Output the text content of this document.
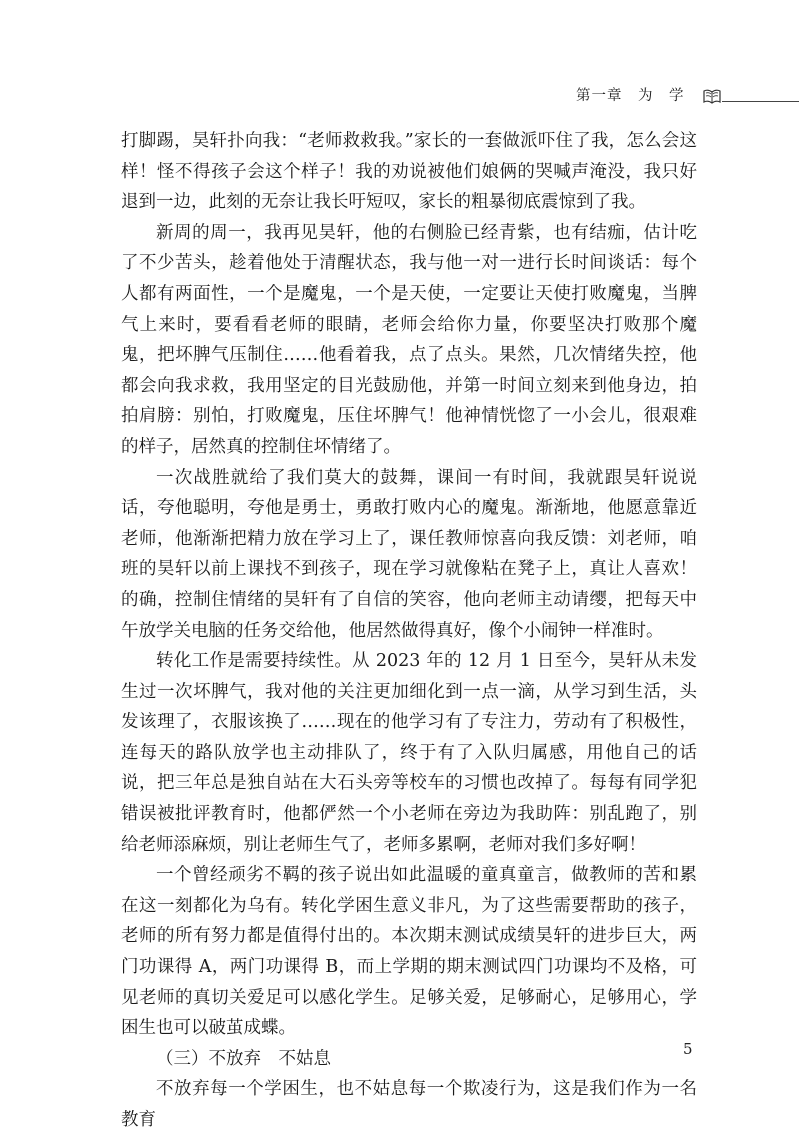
第一章　为　学

打脚踢，昊轩扑向我：“老师救救我。”家长的一套做派吓住了我，怎么会这样！怪不得孩子会这个样子！我的劝说被他们娘俩的哭喊声淹没，我只好退到一边，此刻的无奈让我长吁短叹，家长的粗暴彻底震惊到了我。

新周的周一，我再见昊轩，他的右侧脸已经青紫，也有结痂，估计吃了不少苦头，趁着他处于清醒状态，我与他一对一进行长时间谈话：每个人都有两面性，一个是魔鬼，一个是天使，一定要让天使打败魔鬼，当脾气上来时，要看看老师的眼睛，老师会给你力量，你要坚决打败那个魔鬼，把坏脾气压制住……他看着我，点了点头。果然，几次情绪失控，他都会向我求救，我用坚定的目光鼓励他，并第一时间立刻来到他身边，拍拍肩膀：别怕，打败魔鬼，压住坏脾气！他神情恍惚了一小会儿，很艰难的样子，居然真的控制住坏情绪了。

一次战胜就给了我们莫大的鼓舞，课间一有时间，我就跟昊轩说说话，夸他聪明，夸他是勇士，勇敢打败内心的魔鬼。渐渐地，他愿意靠近老师，他渐渐把精力放在学习上了，课任教师惊喜向我反馈：刘老师，咱班的昊轩以前上课找不到孩子，现在学习就像粘在凳子上，真让人喜欢！的确，控制住情绪的昊轩有了自信的笑容，他向老师主动请缨，把每天中午放学关电脑的任务交给他，他居然做得真好，像个小闹钟一样准时。

转化工作是需要持续性。从 2023 年的 12 月 1 日至今，昊轩从未发生过一次坏脾气，我对他的关注更加细化到一点一滴，从学习到生活，头发该理了，衣服该换了……现在的他学习有了专注力，劳动有了积极性，连每天的路队放学也主动排队了，终于有了入队归属感，用他自己的话说，把三年总是独自站在大石头旁等校车的习惯也改掉了。每每有同学犯错误被批评教育时，他都俨然一个小老师在旁边为我助阵：别乱跑了，别给老师添麻烦，别让老师生气了，老师多累啊，老师对我们多好啊！

一个曾经顽劣不羁的孩子说出如此温暖的童真童言，做教师的苦和累在这一刻都化为乌有。转化学困生意义非凡，为了这些需要帮助的孩子，老师的所有努力都是值得付出的。本次期末测试成绩昊轩的进步巨大，两门功课得 A，两门功课得 B，而上学期的期末测试四门功课均不及格，可见老师的真切关爱足可以感化学生。足够关爱，足够耐心，足够用心，学困生也可以破茧成蝶。

（三）不放弃　不姑息

不放弃每一个学困生，也不姑息每一个欺凌行为，这是我们作为一名教育

5
